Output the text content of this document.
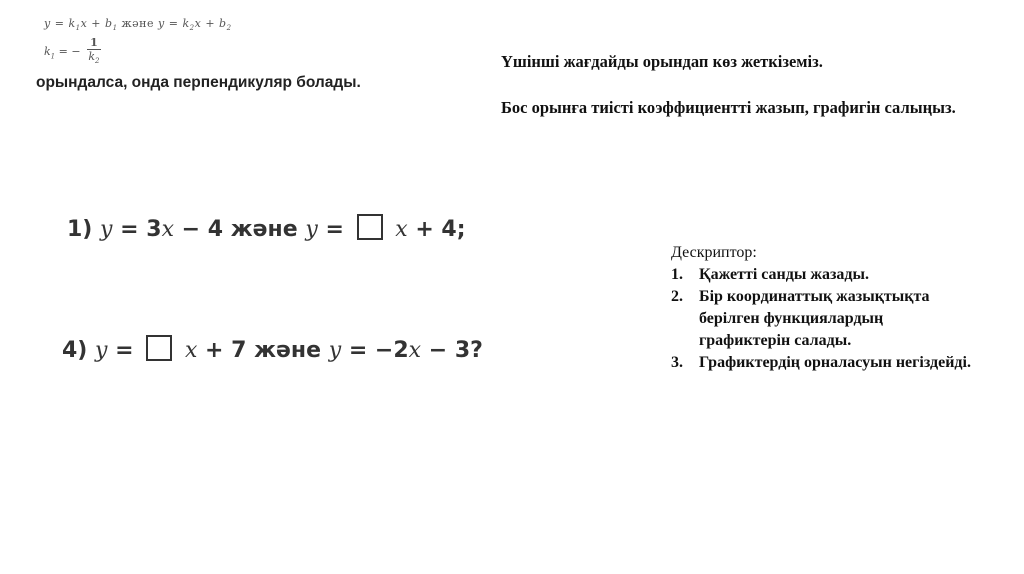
$y = k_1x + b_1$ және $y = k_2x + b_2$
$k_1$ = − $\frac{1}{k_2}$
орындалса, онда перпендикуляр болады.

Үшінші жағдайды орындап көз жеткіземіз.

Бос орынға тиісті коэффициентті жазып, графигін салыңыз.

1) y = 3x − 4 жəне y = x + 4;
4) y = x + 7 жəне y = −2x − 3?
Дескриптор:
1.	Қажетті санды жазады.
2.	Бір координаттық жазықтықта берілген функциялардың графиктерін салады.
3.	Графиктердің орналасуын негіздейді.
